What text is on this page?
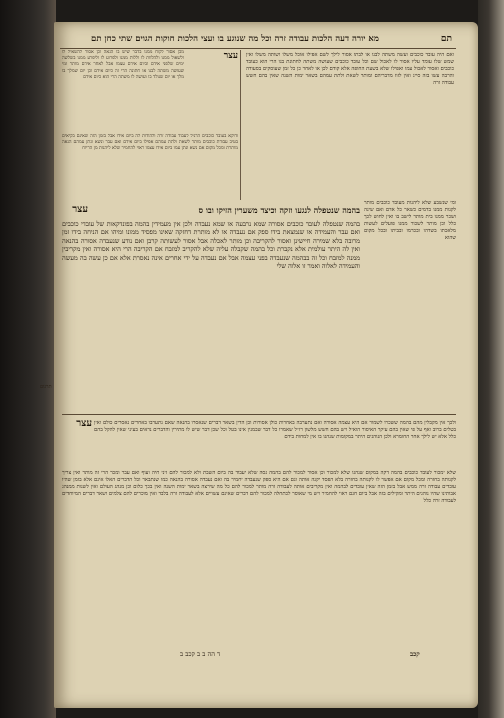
מא יורה דעה הלכות עבודה זרה וכל מה שנוגע בו ועצי הלכות חוקות הגוים שתי כחן תם	תם
עצר
מכן אסור לקוח ממנו בדבר שיש בו הנאה וכן אסור להשאיל לו ולשאול ממנו ולהלוות לו וללות ממנו ולפרוע לו וליפרע ממנו בשלשה ימים שלפני אידם וביום אידם עצמו אבל לאחר אידם מותר ומי שעושה משתה לבנו או חתונה הרי זה כיום אידם וכן יום שמלך בו מלך או יום שנולד בו ועושה לו משתה הרי הוא כיום אידם
ודוקא בעובד כוכבים הרגיל לעבוד עבודה זרה ולהודות לה ביום אידו אבל בזמן הזה שאינם בקיאים בטיב עבודת כוכבים מותר לשאת ולתת עמהם אפילו ביום אידם ואם עבר ונשא ונתן עמהם הנאה מותרת ומכל מקום אם נשא ונתן עמו ביום אידו עצמו ראוי להחמיר שלא ליהנות מן הריוח
ואם היה עובד כוכבים ועשה משתה לבנו או לבתו אסור לילך לשם אפילו אוכל משלו ושותה משלו ואין שמש שלו עומד עליו אסור לו לאכול שם וכל עובד כוכבים שעושה משתה לחתונת בנו הרי הוא כעובד כוכבים ואסור לאכול עמו ואפילו שלא בשעת החופה אלא קודם לכן או לאחר כן כל זמן שעוסקים בסעודה והרבה עשו בזה סייג ואין לזוז מדבריהם ומותר לשאת ולתת עמהם בשאר ימות השנה שאין בהם חשש עבודה זרה
ומי שנשבע שלא ליהנות מעובד כוכבים מותר לקנות ממנו בדמים כשאר כל אדם ואם שינה ושכר ממנו בית מותר לישב בו ואין לחוש לכך כלל וכן מותר לשכור ממנו פועלים לעשות מלאכתו בשדהו ובכרמו ובביתו ובכל מקום שהוא
עצר	בהמה שנטפלה לנגעו וזקה וכיצד משערין הזיקו ובו ס
בהמה שנטפלה לעובד כוכבים אסורה שמא נרבעה או שמא נעבדה ולכן אין מעמידין בהמה בפונדקאות של עובדי כוכבים ואם עבר והעמידה או שנמצאת בידו ספק אם נעבדה או לא מותרת דחזקה שאינו מפסיד ממונו ומיהו אם הניחה בידו זמן מרובה בלא שמירה חיישינן ואסור להקריבה וכן מותר לאכלה אבל אסור לעשותה קרבן ואם נודע שנעבדה אסורה בהנאה ואין לה היתר עולמית אלא נקברת וכל בהמה שקבלה עליה שלא להקריב למזבח אם הקריבה הרי היא אסורה ואין מקריבין ממנה למזבח וכל זה בבהמה שנעבדה בפני עצמה אבל אם נעבדה על ידי אחרים אינה נאסרת אלא אם כן עשה בה מעשה והעמידה לאלוה ואמר זו אלוה שלי
עצר ולכך אין מקבלין מהם בהמה ששכרו לשמור אם היא עצמה אסורה ואם נתערבה באחרות כולן אסורות וכן הדין בשאר דברים שנאסרו בהנאה שאם נתערבו באחרים נאסרים כולם ואין בטלים ברוב ואף על פי שאין בהם עיקר האיסור הואיל ויש בהם חשש מלשון רז״ל שאמרו כל דבר שבמנין אינו בטל וכל שכן דבר שיש לו מתירין והדברים נראים בעיני שאין להקל בהם כלל אלא יש לילך אחר החומרא ולכן הנוהגים היתר במקומות שנהגו בו אין למחות בידם
שלא ימכור לעובד כוכבים בהמה דקה במקום שנהגו שלא למכור וכן אסור למכור להם בהמה גסה שלא יעבוד בה ביום השבת ולא למכור להם זיני חיה ועוף ואם עבר ומכר הרי זה מותר ואין צריך לקנותה בחזרה ומכל מקום אם אפשר לו לקנותה בחזרה בלא הפסד יקנה אותה וגם אם היא ספק שנעבדה יחמיר בה ואם נעבדה אסורה בהנאה כמו שנתבאר וכל הדברים האלו אינם אלא בזמן שהיו עובדים עבודה זרה ממש אבל בזמן הזה שאין עובדים לבהמה ואין מקריבים אותה לעבודה זרה מותר למכור להם כל מה שירצה בשאר ימות השנה ואין בכך כלום וכן מנהג העולם ואין לשנות ממנהג אבותינו שהיו נוהגים היתר ומקילים בזה אבל ביום חגם ראוי להחמיר ויש מי שאוסר לכתחלה למכור להם דברים שאינם עשויים אלא לעבודה זרה בלבד ואין מוכרים להם צלמים ושאר דברים המיוחדים לעבודה זרה כלל
תרגום
ד הה ב ב קכב ב	קכב
